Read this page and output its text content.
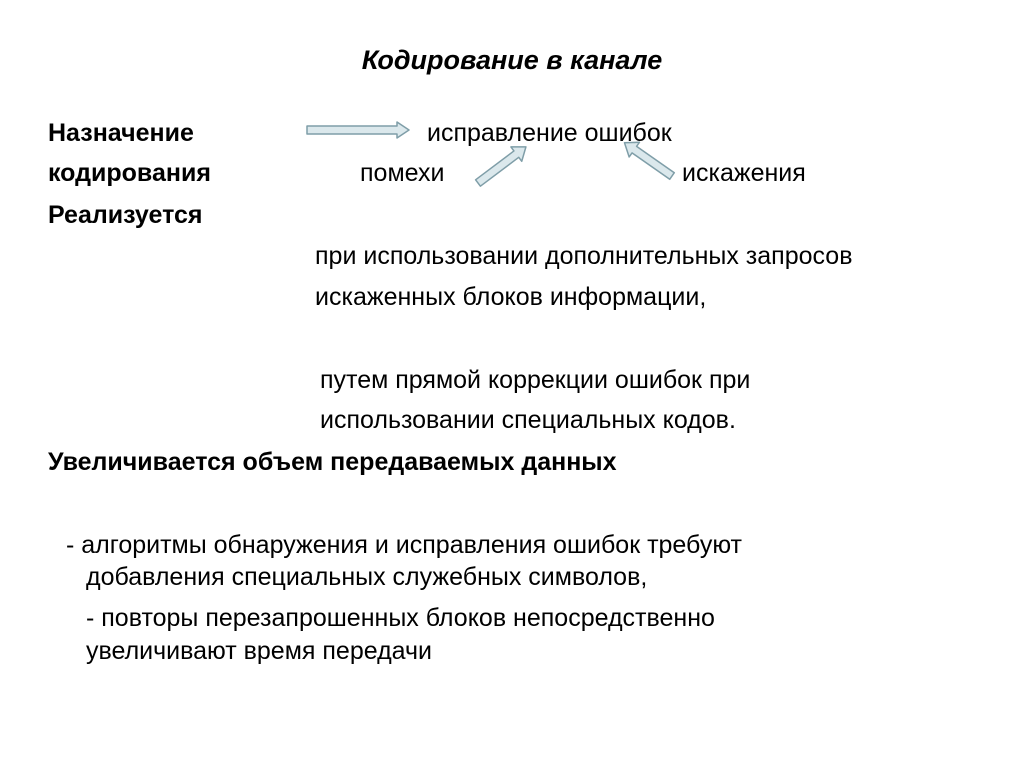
Кодирование в канале
Назначение
кодирования
исправление ошибок
помехи	искажения
Реализуется
при использовании дополнительных запросов
искаженных блоков информации,
путем прямой коррекции ошибок при
использовании специальных кодов.
Увеличивается объем передаваемых данных
- алгоритмы обнаружения и исправления ошибок требуют
добавления специальных служебных символов,
- повторы перезапрошенных блоков непосредственно
увеличивают время передачи
